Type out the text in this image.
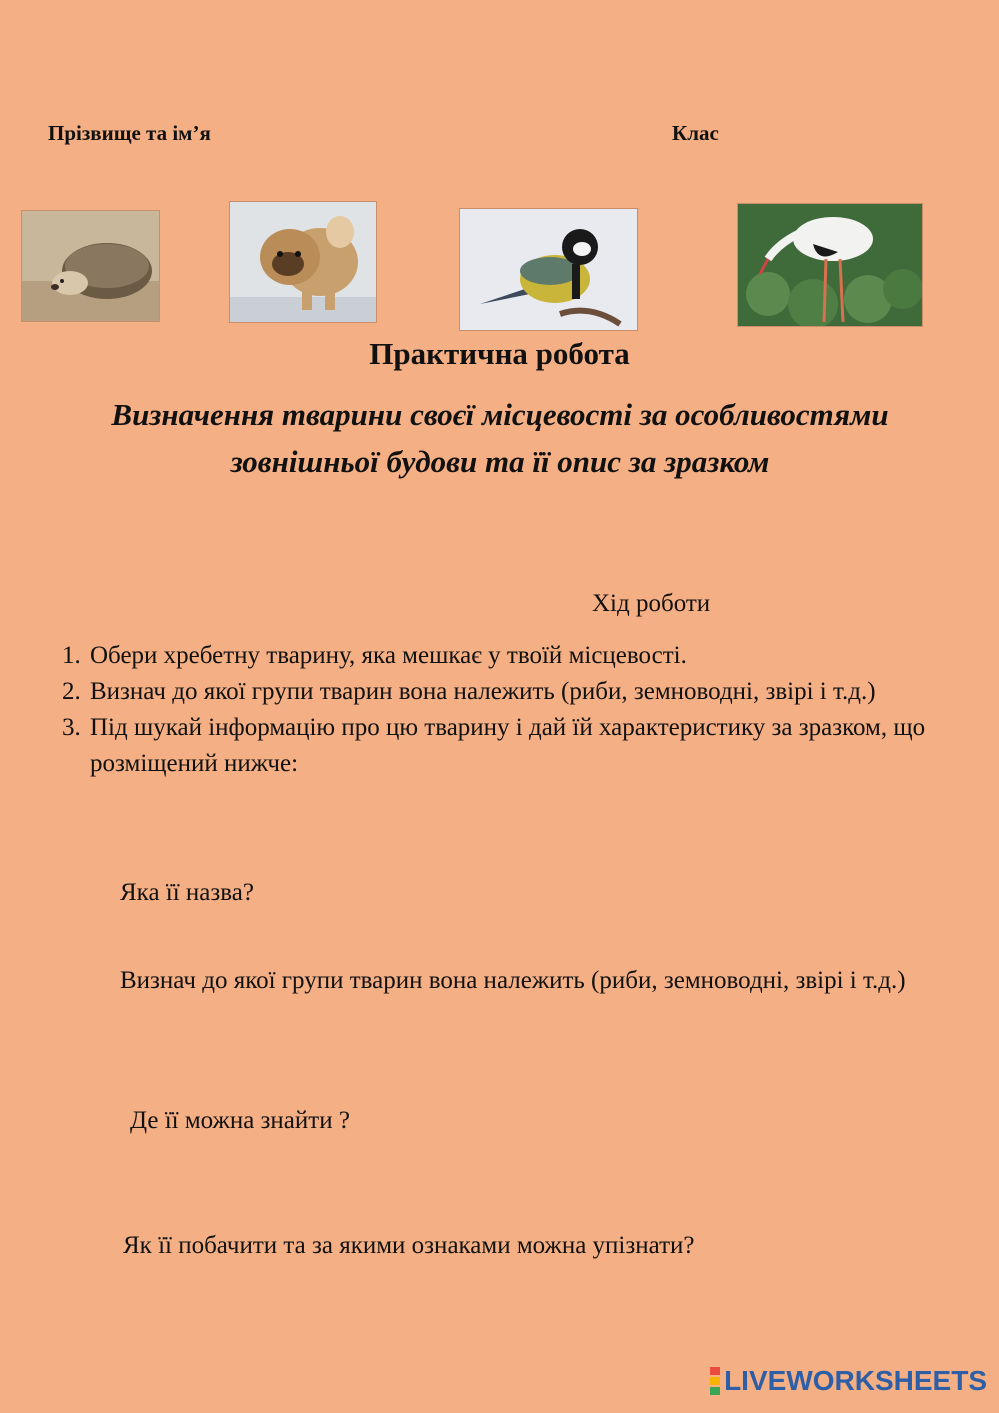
Прізвище та ім’я	Клас
Практична робота
Визначення тварини своєї місцевості за особливостями зовнішньої будови та її опис за зразком
Хід роботи
1. Обери хребетну тварину, яка мешкає у твоїй місцевості.
2. Визнач до якої групи тварин вона належить (риби, земноводні, звірі і т.д.)
3. Під шукай інформацію про цю тварину і дай їй характеристику за зразком, що розміщений нижче:
Яка її назва?
Визнач до якої групи тварин вона належить (риби, земноводні, звірі і т.д.)
Де її можна знайти ?
Як її побачити та за якими ознаками можна упізнати?
LIVEWORKSHEETS
